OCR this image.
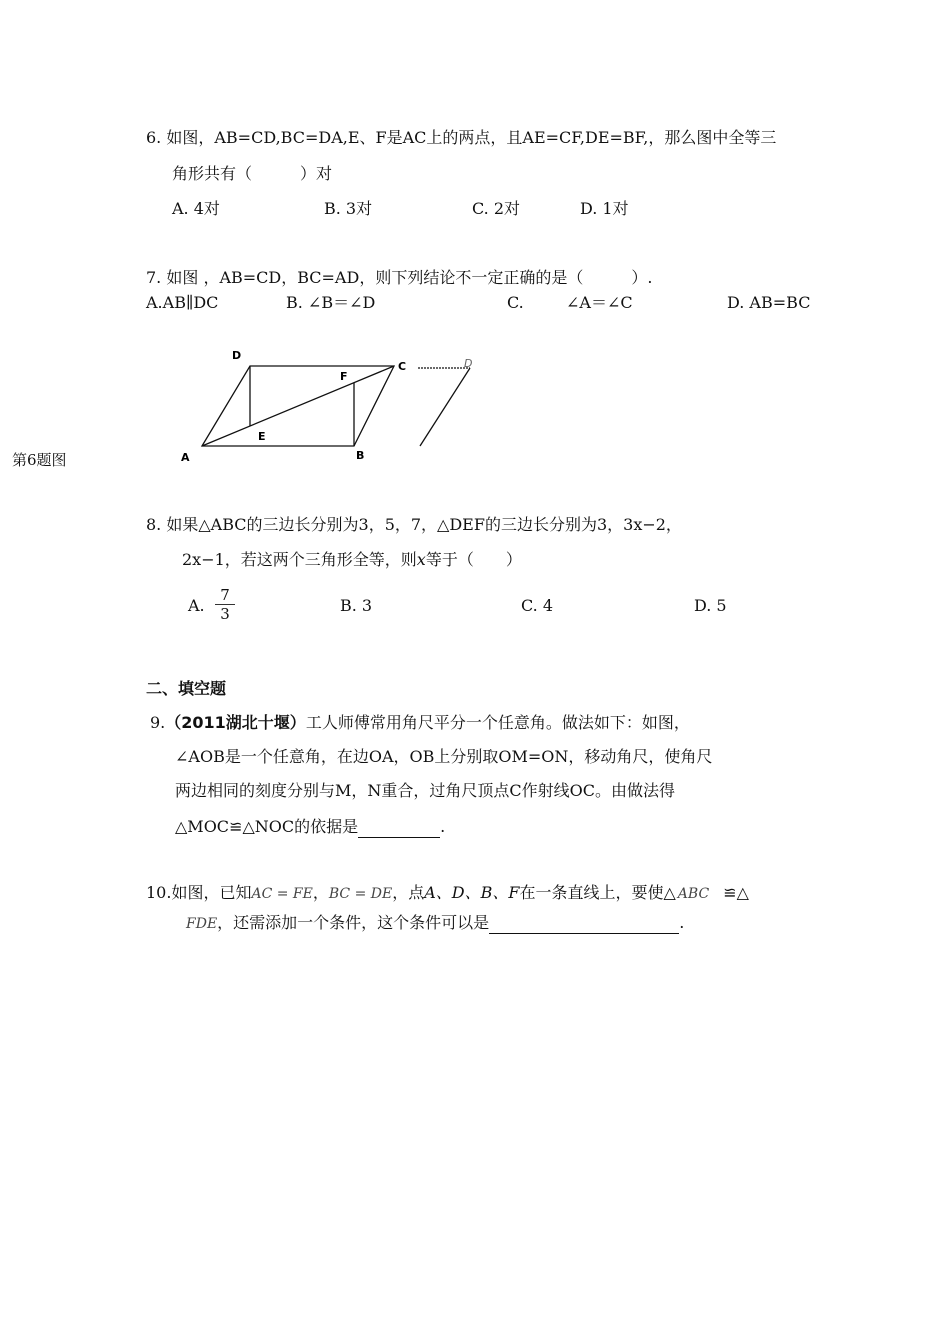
6. 如图，AB=CD,BC=DA,E、F是AC上的两点，且AE=CF,DE=BF,，那么图中全等三
角形共有（　　　）对
A. 4对	B. 3对	C. 2对	D. 1对
7. 如图 ，AB=CD，BC=AD，则下列结论不一定正确的是（　　　）.
A.AB∥DC	B. ∠B＝∠D	C.	∠A＝∠C	D. AB=BC
第6题图
D
C
F
E
A	B
D
8. 如果△ABC的三边长分别为3，5，7，△DEF的三边长分别为3，3x−2，
2x−1，若这两个三角形全等，则x等于（　　）
A. $\frac{7}{3}$	B. 3	C. 4	D. 5
二、填空题
9.（2011湖北十堰）工人师傅常用角尺平分一个任意角。做法如下：如图，
∠AOB是一个任意角，在边OA，OB上分别取OM=ON，移动角尺，使角尺
两边相同的刻度分别与M，N重合，过角尺顶点C作射线OC。由做法得
△MOC≌△NOC的依据是	.
10.如图，已知AC = FE，BC = DE，点A、D、B、F在一条直线上，要使△ ABC ≌△
FDE，还需添加一个条件，这个条件可以是	.
